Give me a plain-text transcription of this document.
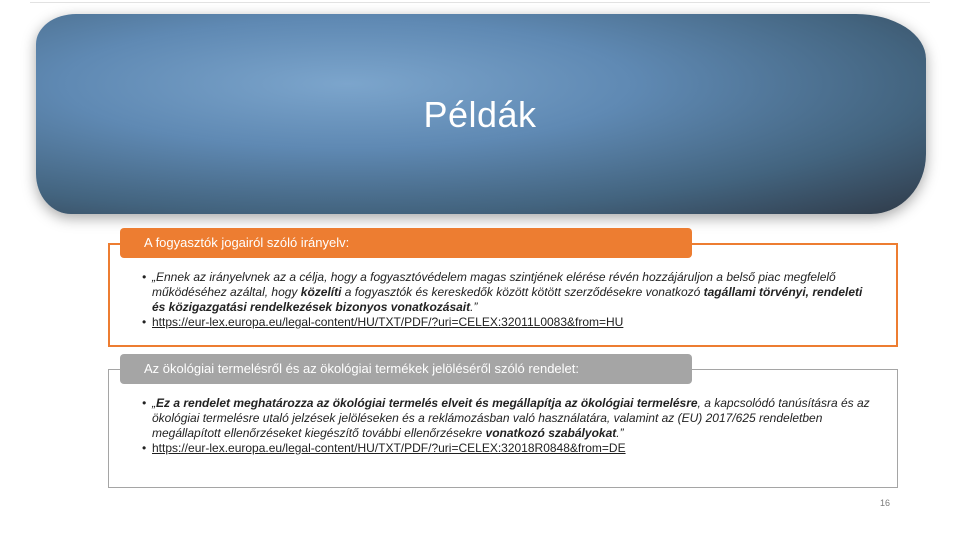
Példák
A fogyasztók jogairól szóló irányelv:
• „Ennek az irányelvnek az a célja, hogy a fogyasztóvédelem magas szintjének elérése révén hozzájáruljon a belső piac megfelelő működéséhez azáltal, hogy közelíti a fogyasztók és kereskedők között kötött szerződésekre vonatkozó tagállami törvényi, rendeleti és közigazgatási rendelkezések bizonyos vonatkozásait.”
• https://eur-lex.europa.eu/legal-content/HU/TXT/PDF/?uri=CELEX:32011L0083&from=HU
Az ökológiai termelésről és az ökológiai termékek jelöléséről szóló rendelet:
• „Ez a rendelet meghatározza az ökológiai termelés elveit és megállapítja az ökológiai termelésre, a kapcsolódó tanúsításra és az ökológiai termelésre utaló jelzések jelöléseken és a reklámozásban való használatára, valamint az (EU) 2017/625 rendeletben megállapított ellenőrzéseket kiegészítő további ellenőrzésekre vonatkozó szabályokat.”
• https://eur-lex.europa.eu/legal-content/HU/TXT/PDF/?uri=CELEX:32018R0848&from=DE
16
